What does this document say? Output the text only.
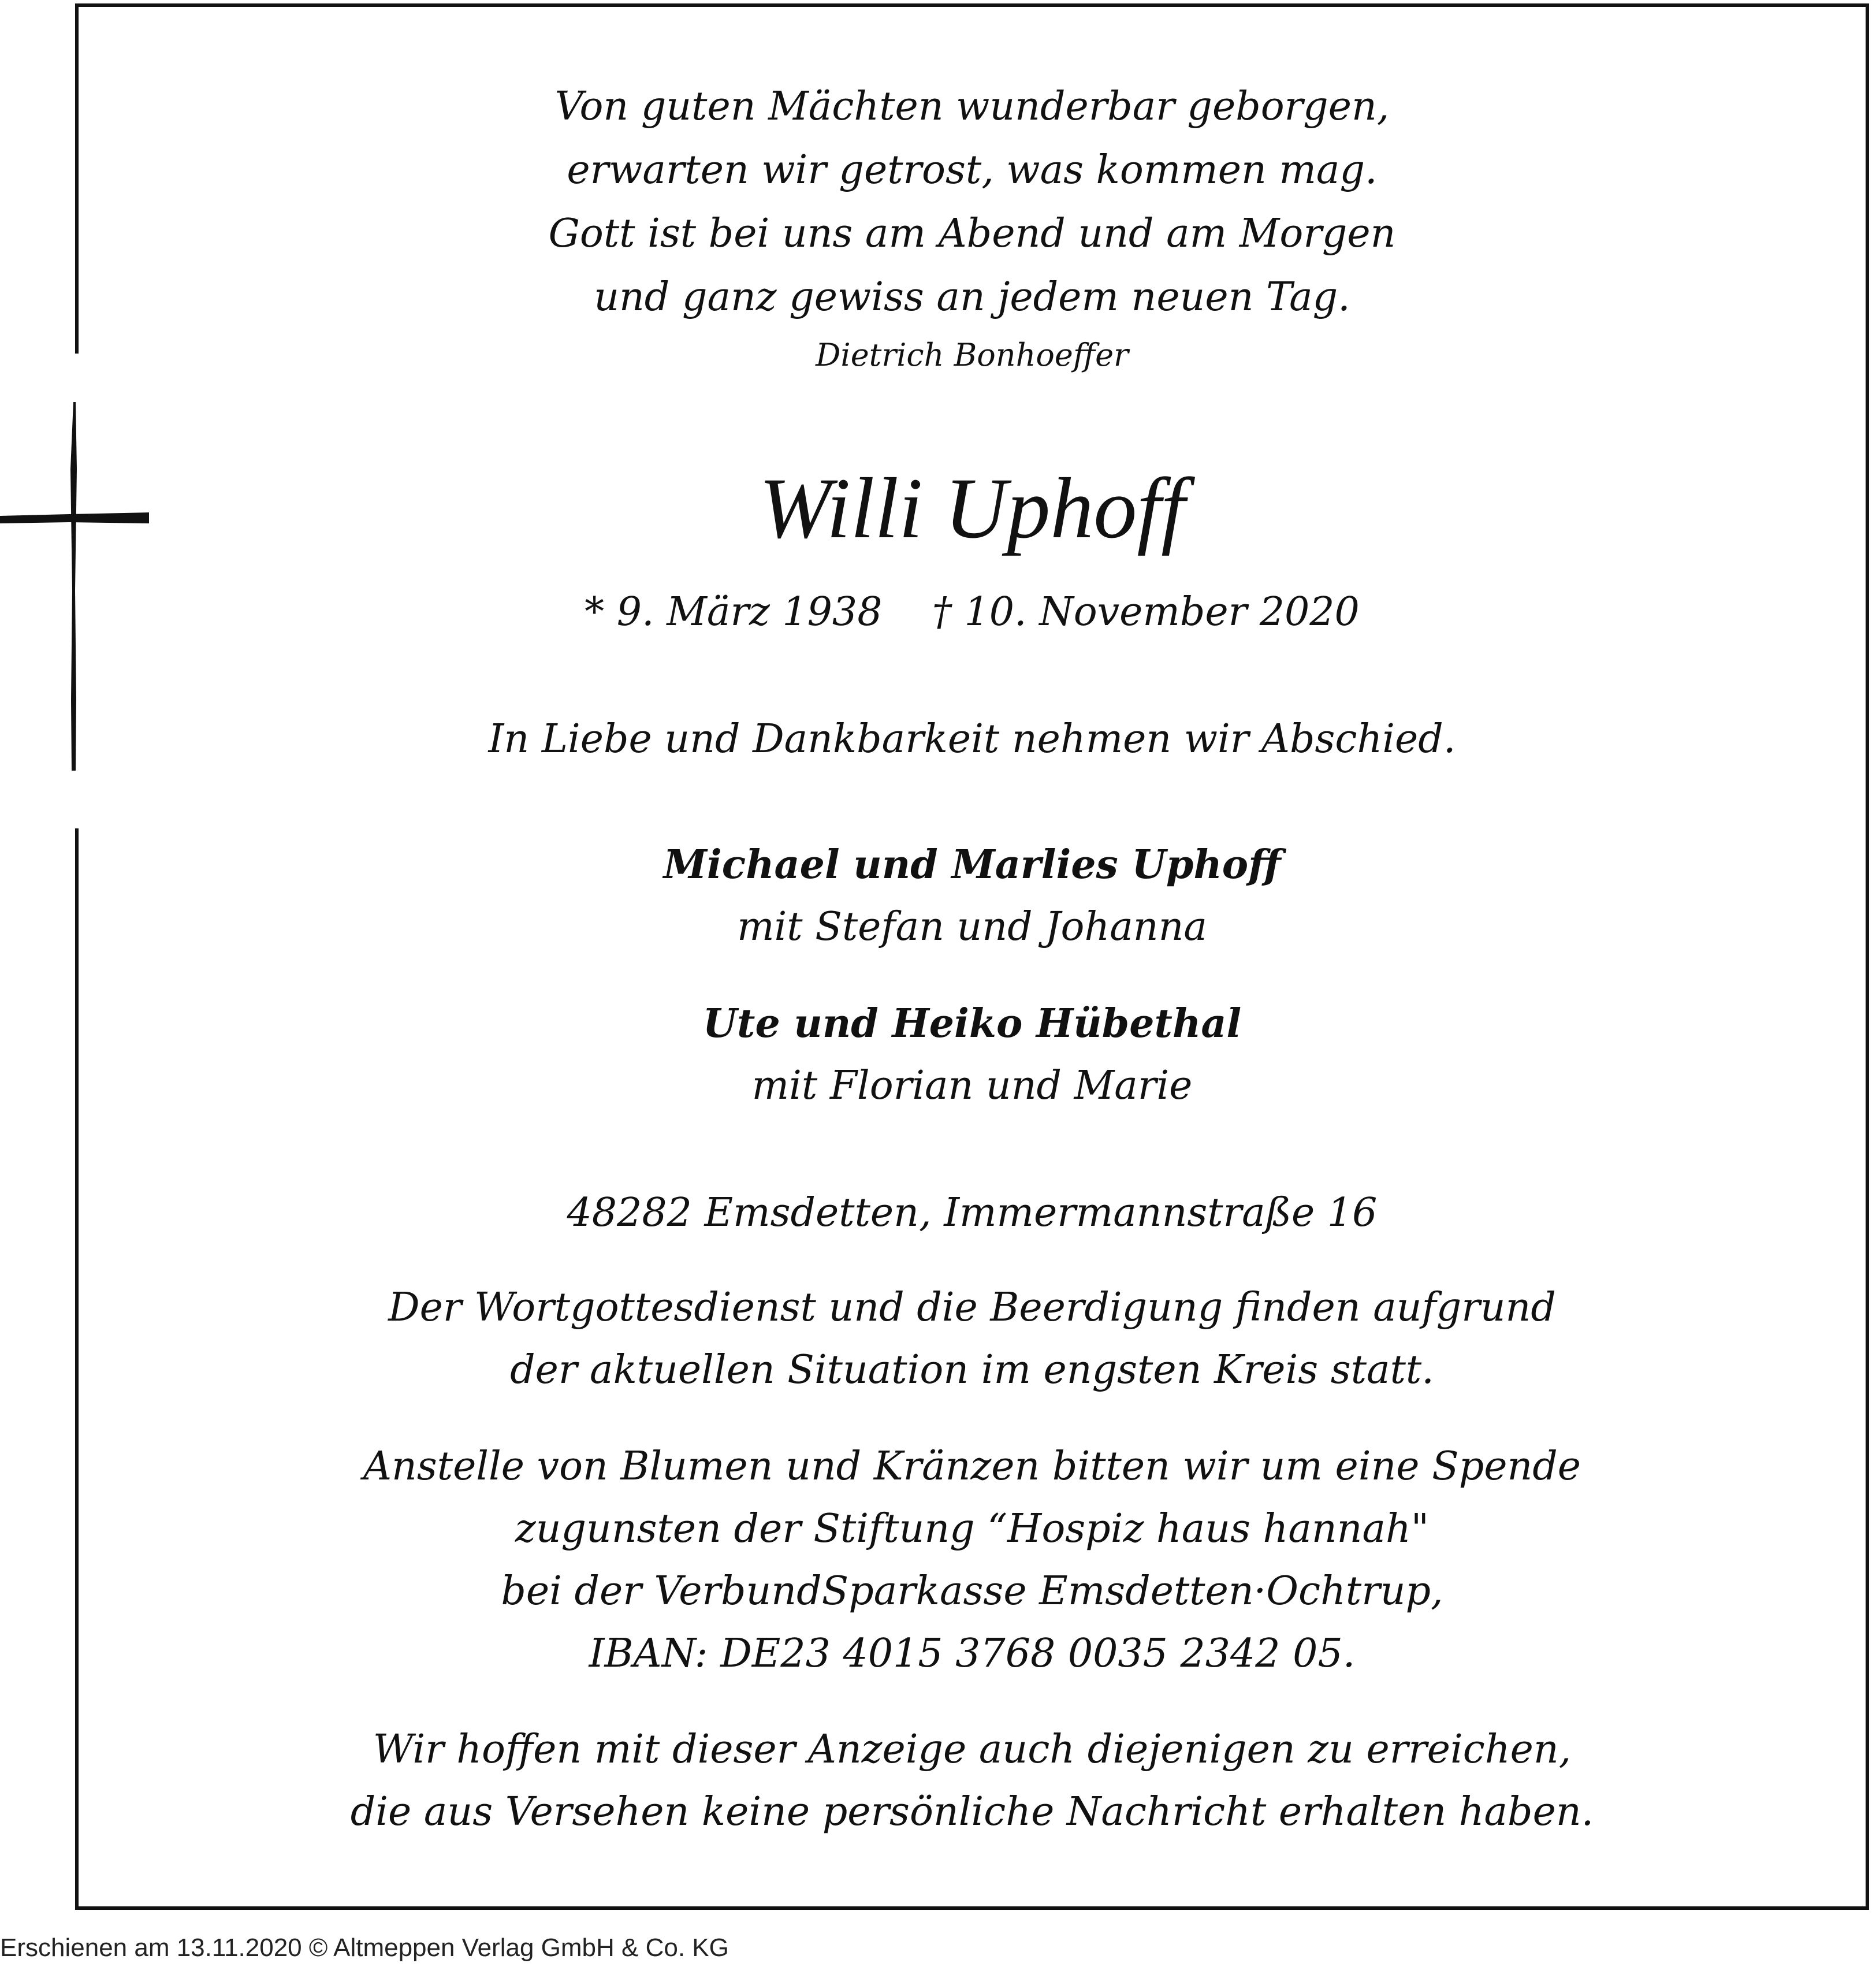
Von guten Mächten wunderbar geborgen,
erwarten wir getrost, was kommen mag.
Gott ist bei uns am Abend und am Morgen
und ganz gewiss an jedem neuen Tag.
Dietrich Bonhoeffer
Willi Uphoff
* 9. März 1938    † 10. November 2020
In Liebe und Dankbarkeit nehmen wir Abschied.
Michael und Marlies Uphoff
mit Stefan und Johanna
Ute und Heiko Hübethal
mit Florian und Marie
48282 Emsdetten, Immermannstraße 16
Der Wortgottesdienst und die Beerdigung finden aufgrund
der aktuellen Situation im engsten Kreis statt.
Anstelle von Blumen und Kränzen bitten wir um eine Spende
zugunsten der Stiftung “Hospiz haus hannah"
bei der VerbundSparkasse Emsdetten·Ochtrup,
IBAN: DE23 4015 3768 0035 2342 05.
Wir hoffen mit dieser Anzeige auch diejenigen zu erreichen,
die aus Versehen keine persönliche Nachricht erhalten haben.
Erschienen am 13.11.2020 © Altmeppen Verlag GmbH & Co. KG
